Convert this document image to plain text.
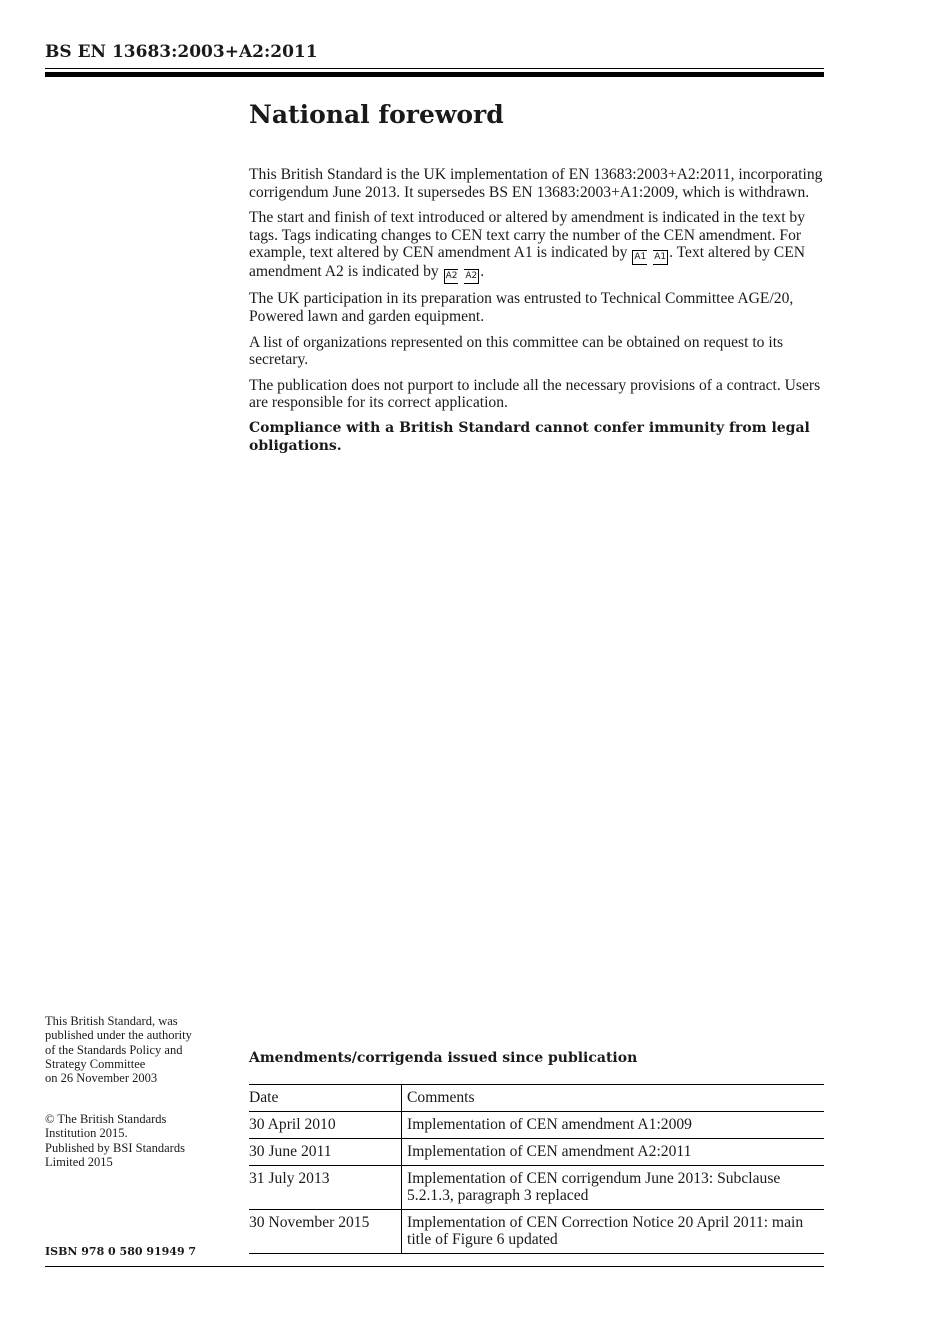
BS EN 13683:2003+A2:2011
National foreword

This British Standard is the UK implementation of EN 13683:2003+A2:2011, incorporating corrigendum June 2013. It supersedes BS EN 13683:2003+A1:2009, which is withdrawn.

The start and finish of text introduced or altered by amendment is indicated in the text by tags. Tags indicating changes to CEN text carry the number of the CEN amendment. For example, text altered by CEN amendment A1 is indicated by A1 A1 . Text altered by CEN amendment A2 is indicated by A2 A2 .

The UK participation in its preparation was entrusted to Technical Committee AGE/20, Powered lawn and garden equipment.

A list of organizations represented on this committee can be obtained on request to its secretary.

The publication does not purport to include all the necessary provisions of a contract. Users are responsible for its correct application.

Compliance with a British Standard cannot confer immunity from legal obligations.

This British Standard, was

published under the authority

of the Standards Policy and

Strategy Committee

on 26 November 2003

© The British Standards

Institution 2015.

Published by BSI Standards

Limited 2015

ISBN 978 0 580 91949 7
Amendments/corrigenda issued since publication
Date	Comments
30 April 2010	Implementation of CEN amendment A1:2009
30 June 2011	Implementation of CEN amendment A2:2011
31 July 2013	Implementation of CEN corrigendum June 2013: Subclause 5.2.1.3, paragraph 3 replaced
30 November 2015	Implementation of CEN Correction Notice 20 April 2011: main title of Figure 6 updated
